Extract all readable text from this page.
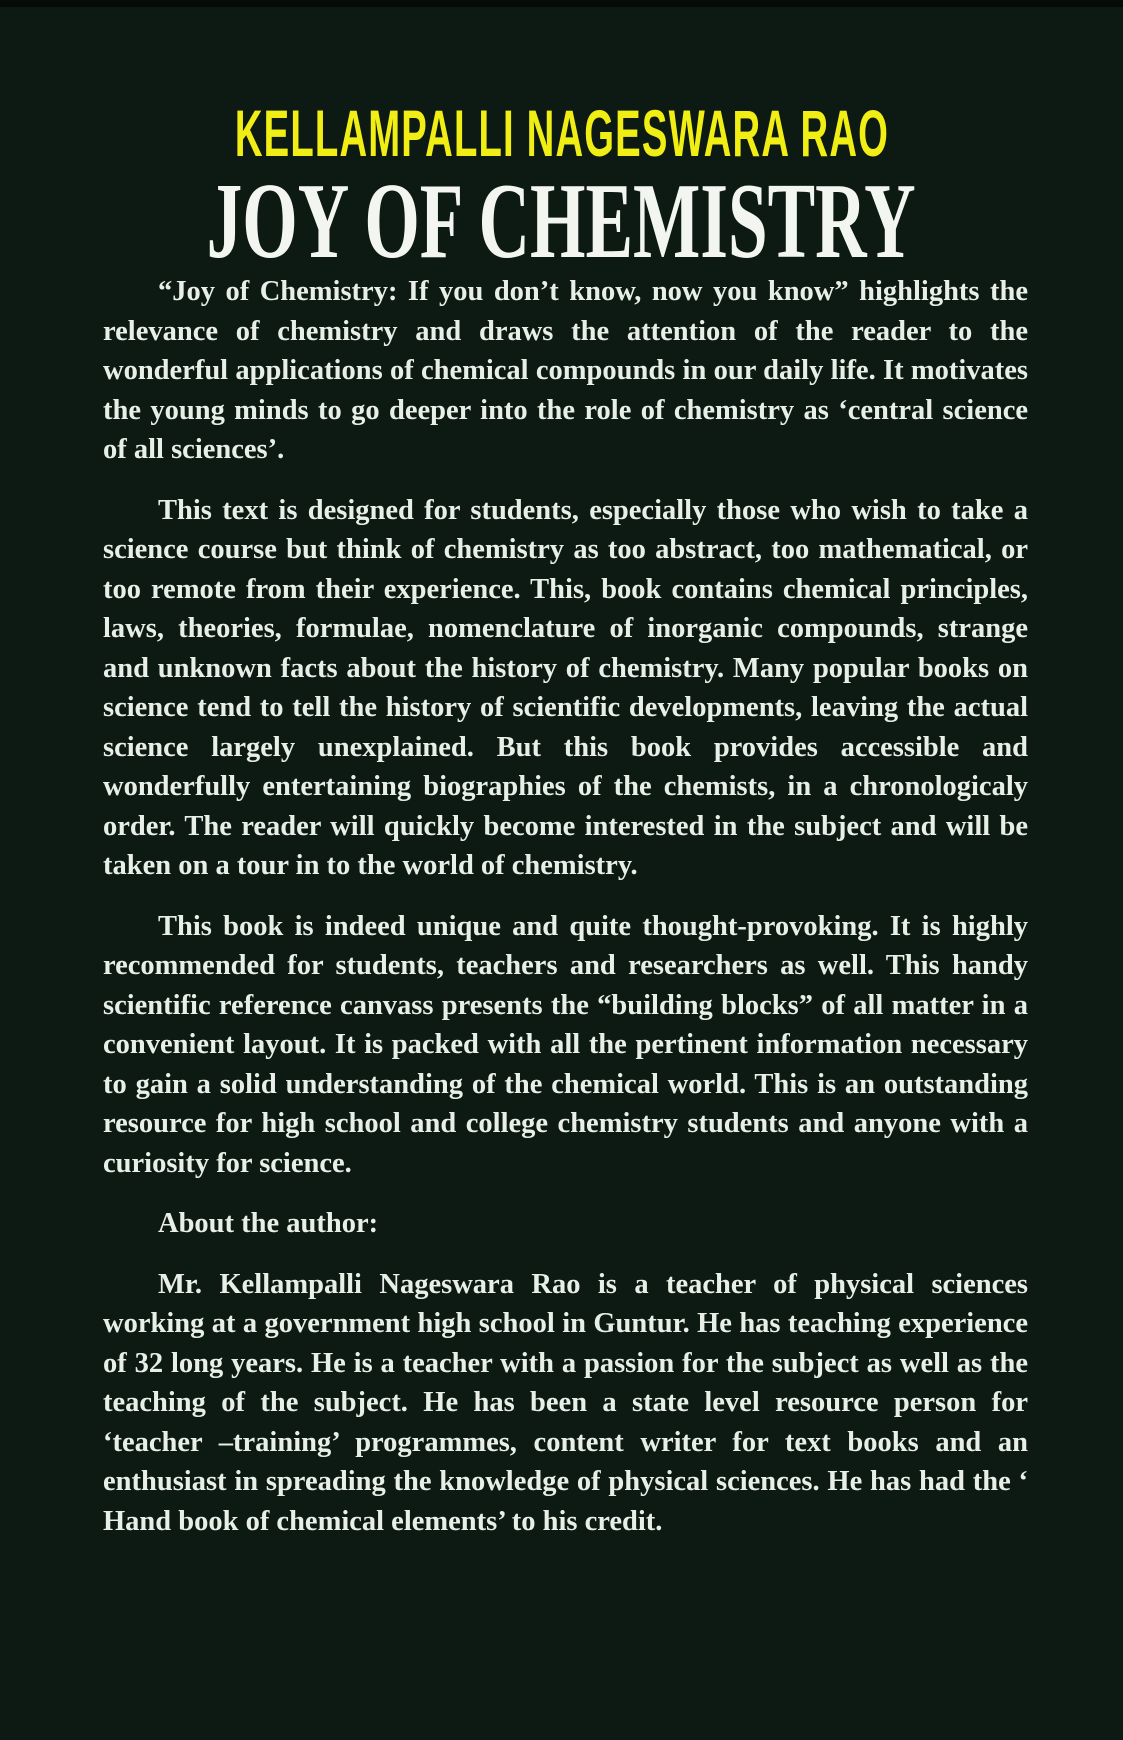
KELLAMPALLI NAGESWARA RAO
JOY OF CHEMISTRY

“Joy of Chemistry: If you don’t know, now you know” highlights the relevance of chemistry and draws the attention of the reader to the wonderful applications of chemical compounds in our daily life. It motivates the young minds to go deeper into the role of chemistry as ‘central science of all sciences’.

This text is designed for students, especially those who wish to take a science course but think of chemistry as too abstract, too mathematical, or too remote from their experience. This, book contains chemical principles, laws, theories, formulae, nomenclature of inorganic compounds, strange and unknown facts about the history of chemistry. Many popular books on science tend to tell the history of scientific developments, leaving the actual science largely unexplained. But this book provides accessible and wonderfully entertaining biographies of the chemists, in a chronologicaly order. The reader will quickly become interested in the subject and will be taken on a tour in to the world of chemistry.

This book is indeed unique and quite thought-provoking. It is highly recommended for students, teachers and researchers as well. This handy scientific reference canvass presents the “building blocks” of all matter in a convenient layout. It is packed with all the pertinent information necessary to gain a solid understanding of the chemical world. This is an outstanding resource for high school and college chemistry students and anyone with a curiosity for science.

About the author:

Mr. Kellampalli Nageswara Rao is a teacher of physical sciences working at a government high school in Guntur. He has teaching experience of 32 long years. He is a teacher with a passion for the subject as well as the teaching of the subject. He has been a state level resource person for ‘teacher –training’ programmes, content writer for text books and an enthusiast in spreading the knowledge of physical sciences. He has had the ‘ Hand book of chemical elements’ to his credit.
